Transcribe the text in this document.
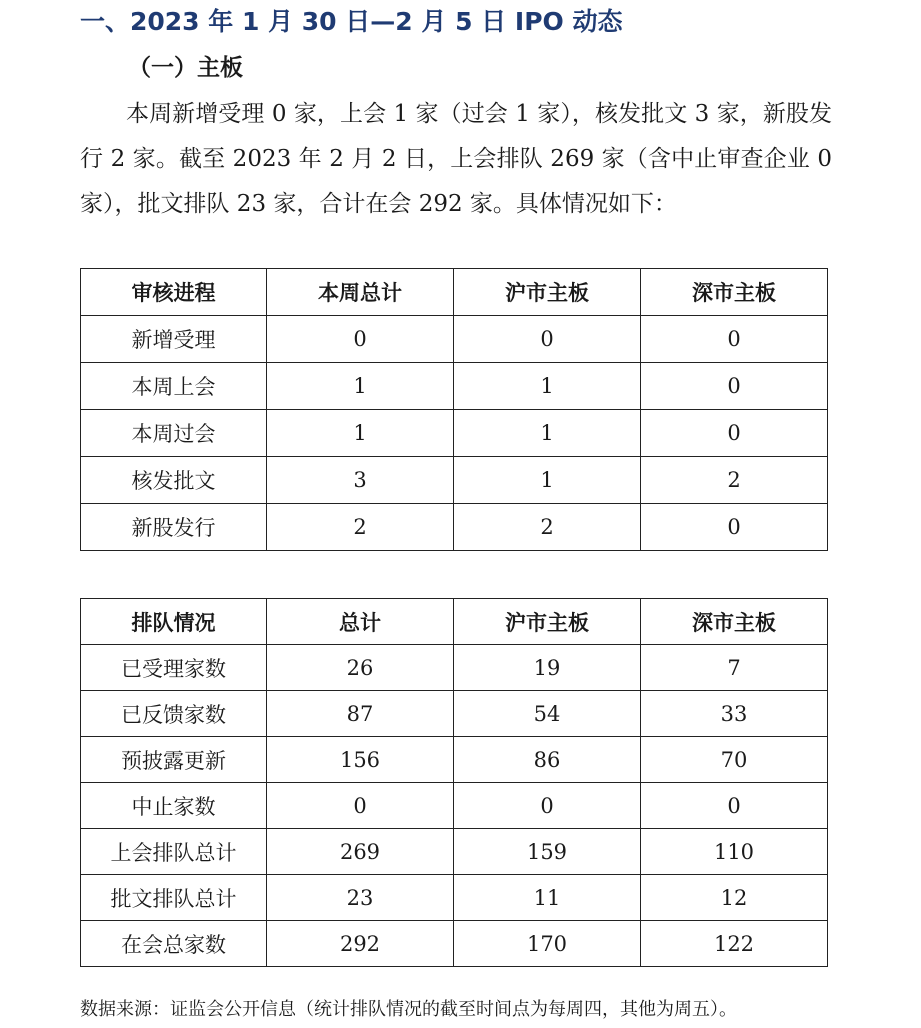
一、2023 年 1 月 30 日—2 月 5 日 IPO 动态
（一）主板

本周新增受理 0 家，上会 1 家（过会 1 家），核发批文 3 家，新股发行 2 家。截至 2023 年 2 月 2 日，上会排队 269 家（含中止审查企业 0 家），批文排队 23 家，合计在会 292 家。具体情况如下：

审核进程	本周总计	沪市主板	深市主板
新增受理	0	0	0
本周上会	1	1	0
本周过会	1	1	0
核发批文	3	1	2
新股发行	2	2	0
排队情况	总计	沪市主板	深市主板
已受理家数	26	19	7
已反馈家数	87	54	33
预披露更新	156	86	70
中止家数	0	0	0
上会排队总计	269	159	110
批文排队总计	23	11	12
在会总家数	292	170	122
数据来源：证监会公开信息（统计排队情况的截至时间点为每周四，其他为周五）。
